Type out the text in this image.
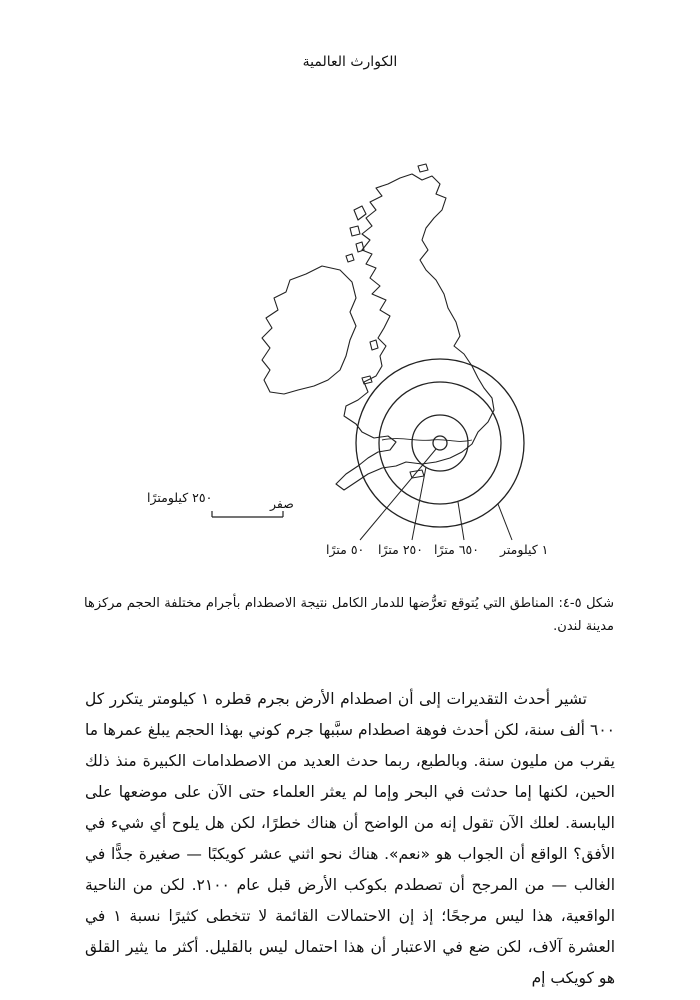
الكوارث العالمية
٢٥٠ كيلومترًا	صفر
١ كيلومتر
٦٥٠ مترًا
٢٥٠ مترًا
٥٠ مترًا
شكل ٥-٤: المناطق التي يُتوقع تعرُّضها للدمار الكامل نتيجة الاصطدام بأجرام مختلفة الحجم مركزها مدينة لندن.

تشير أحدث التقديرات إلى أن اصطدام الأرض بجرم قطره ١ كيلومتر يتكرر كل ٦٠٠ ألف سنة، لكن أحدث فوهة اصطدام سبَّبها جرم كوني بهذا الحجم يبلغ عمرها ما يقرب من مليون سنة. وبالطبع، ربما حدث العديد من الاصطدامات الكبيرة منذ ذلك الحين، لكنها إما حدثت في البحر وإما لم يعثر العلماء حتى الآن على موضعها على اليابسة. لعلك الآن تقول إنه من الواضح أن هناك خطرًا، لكن هل يلوح أي شيء في الأفق؟ الواقع أن الجواب هو «نعم». هناك نحو اثني عشر كويكبًا — صغيرة جدًّا في الغالب — من المرجح أن تصطدم بكوكب الأرض قبل عام ٢١٠٠. لكن من الناحية الواقعية، هذا ليس مرجحًا؛ إذ إن الاحتمالات القائمة لا تتخطى كثيرًا نسبة ١ في العشرة آلاف، لكن ضع في الاعتبار أن هذا احتمال ليس بالقليل. أكثر ما يثير القلق هو كويكب إم
